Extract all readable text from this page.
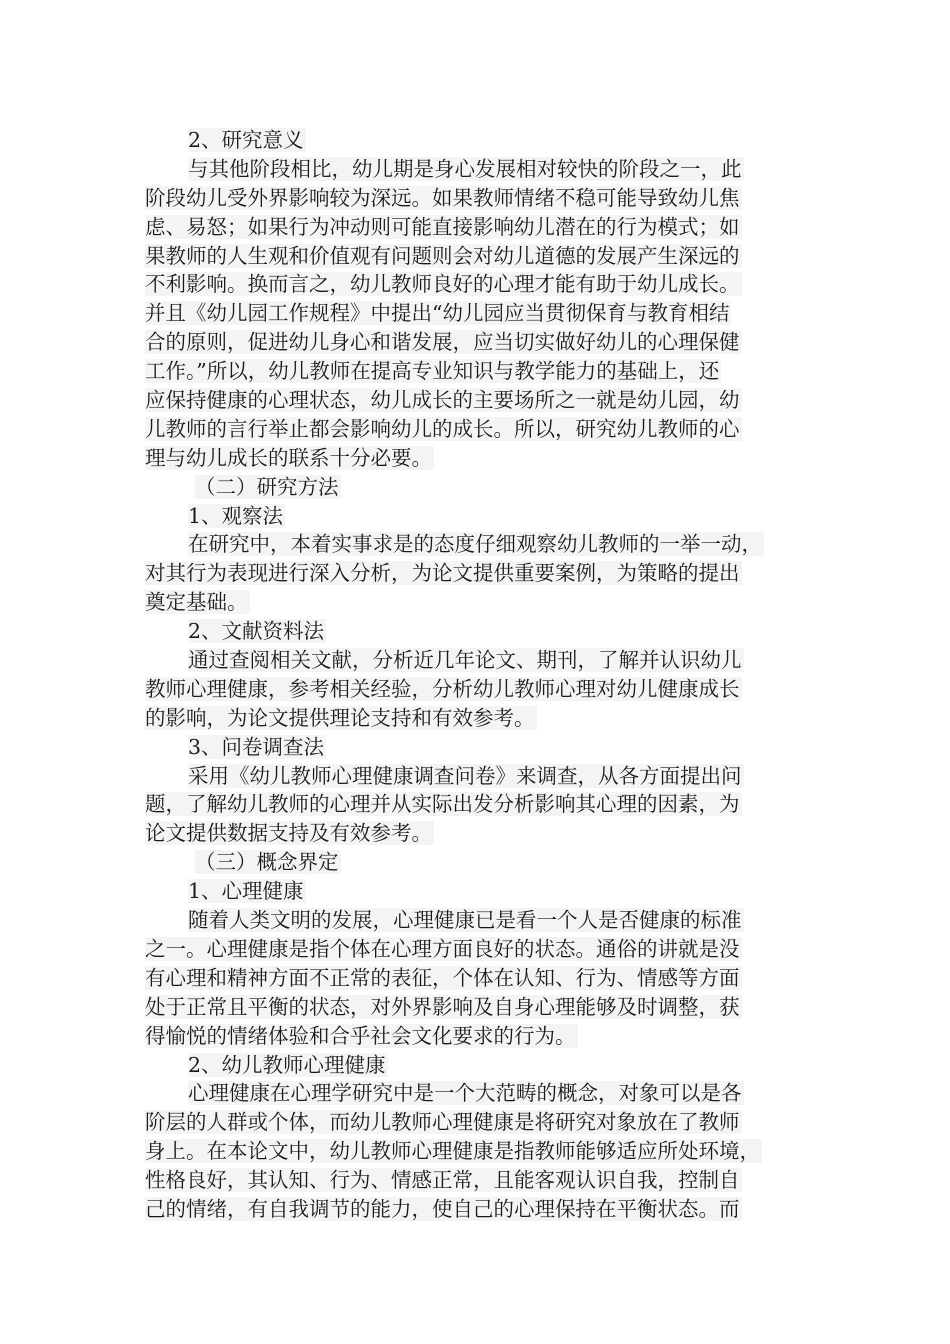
2、研究意义
与其他阶段相比，幼儿期是身心发展相对较快的阶段之一，此
阶段幼儿受外界影响较为深远。如果教师情绪不稳可能导致幼儿焦
虑、易怒；如果行为冲动则可能直接影响幼儿潜在的行为模式；如
果教师的人生观和价值观有问题则会对幼儿道德的发展产生深远的
不利影响。换而言之，幼儿教师良好的心理才能有助于幼儿成长。
并且《幼儿园工作规程》中提出“幼儿园应当贯彻保育与教育相结
合的原则，促进幼儿身心和谐发展，应当切实做好幼儿的心理保健
工作。”所以，幼儿教师在提高专业知识与教学能力的基础上，还
应保持健康的心理状态，幼儿成长的主要场所之一就是幼儿园，幼
儿教师的言行举止都会影响幼儿的成长。所以，研究幼儿教师的心
理与幼儿成长的联系十分必要。
（二）研究方法
1、观察法
在研究中，本着实事求是的态度仔细观察幼儿教师的一举一动，
对其行为表现进行深入分析，为论文提供重要案例，为策略的提出
奠定基础。
2、文献资料法
通过查阅相关文献，分析近几年论文、期刊，了解并认识幼儿
教师心理健康，参考相关经验，分析幼儿教师心理对幼儿健康成长
的影响，为论文提供理论支持和有效参考。
3、问卷调查法
采用《幼儿教师心理健康调查问卷》来调查，从各方面提出问
题，了解幼儿教师的心理并从实际出发分析影响其心理的因素，为
论文提供数据支持及有效参考。
（三）概念界定
1、心理健康
随着人类文明的发展，心理健康已是看一个人是否健康的标准
之一。心理健康是指个体在心理方面良好的状态。通俗的讲就是没
有心理和精神方面不正常的表征，个体在认知、行为、情感等方面
处于正常且平衡的状态，对外界影响及自身心理能够及时调整，获
得愉悦的情绪体验和合乎社会文化要求的行为。
2、幼儿教师心理健康
心理健康在心理学研究中是一个大范畴的概念，对象可以是各
阶层的人群或个体，而幼儿教师心理健康是将研究对象放在了教师
身上。在本论文中，幼儿教师心理健康是指教师能够适应所处环境，
性格良好，其认知、行为、情感正常，且能客观认识自我，控制自
己的情绪，有自我调节的能力，使自己的心理保持在平衡状态。而
